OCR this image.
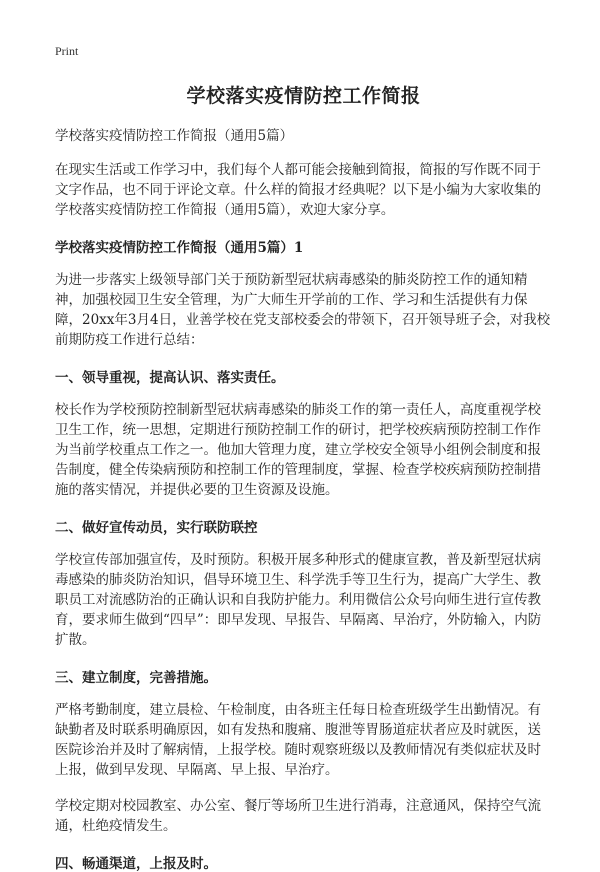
Print
学校落实疫情防控工作简报
学校落实疫情防控工作简报（通用5篇）

在现实生活或工作学习中，我们每个人都可能会接触到简报，简报的写作既不同于文字作品，也不同于评论文章。什么样的简报才经典呢？以下是小编为大家收集的学校落实疫情防控工作简报（通用5篇），欢迎大家分享。

学校落实疫情防控工作简报（通用5篇）1

为进一步落实上级领导部门关于预防新型冠状病毒感染的肺炎防控工作的通知精神，加强校园卫生安全管理，为广大师生开学前的工作、学习和生活提供有力保障，20xx年3月4日，业善学校在党支部校委会的带领下，召开领导班子会，对我校前期防疫工作进行总结：

一、领导重视，提高认识、落实责任。

校长作为学校预防控制新型冠状病毒感染的肺炎工作的第一责任人，高度重视学校卫生工作，统一思想，定期进行预防控制工作的研讨，把学校疾病预防控制工作作为当前学校重点工作之一。他加大管理力度，建立学校安全领导小组例会制度和报告制度，健全传染病预防和控制工作的管理制度，掌握、检查学校疾病预防控制措施的落实情况，并提供必要的卫生资源及设施。

二、做好宣传动员，实行联防联控

学校宣传部加强宣传，及时预防。积极开展多种形式的健康宣教，普及新型冠状病毒感染的肺炎防治知识，倡导环境卫生、科学洗手等卫生行为，提高广大学生、教职员工对流感防治的正确认识和自我防护能力。利用微信公众号向师生进行宣传教育，要求师生做到“四早”：即早发现、早报告、早隔离、早治疗，外防输入，内防扩散。

三、建立制度，完善措施。

严格考勤制度，建立晨检、午检制度，由各班主任每日检查班级学生出勤情况。有缺勤者及时联系明确原因，如有发热和腹痛、腹泄等胃肠道症状者应及时就医，送医院诊治并及时了解病情，上报学校。随时观察班级以及教师情况有类似症状及时上报，做到早发现、早隔离、早上报、早治疗。

学校定期对校园教室、办公室、餐厅等场所卫生进行消毒，注意通风，保持空气流通，杜绝疫情发生。

四、畅通渠道，上报及时。
